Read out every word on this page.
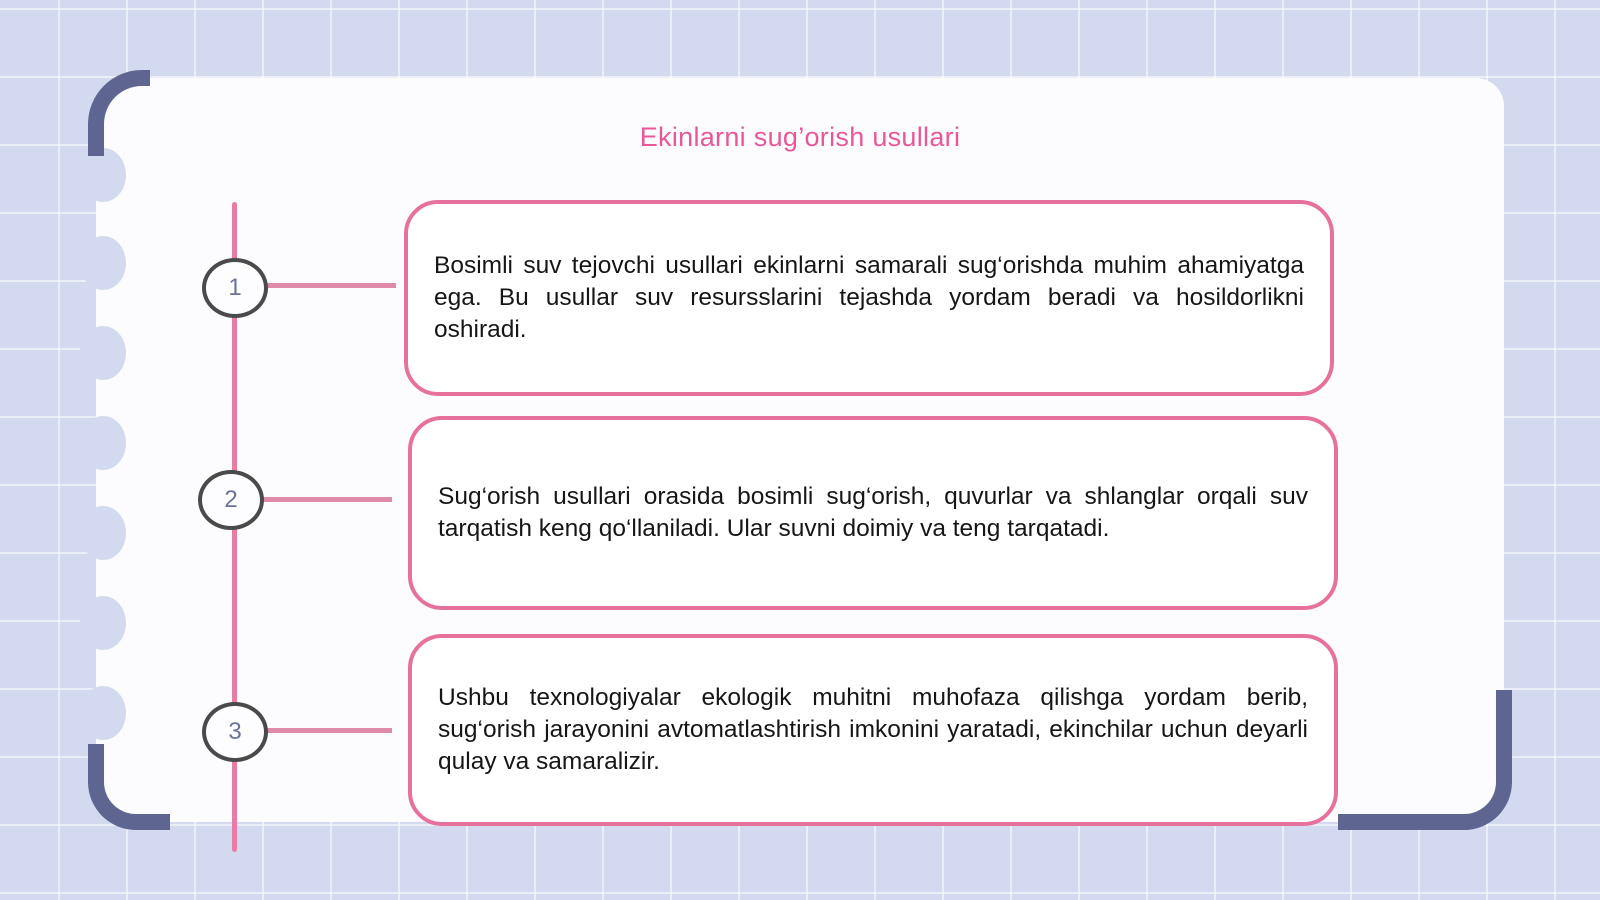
Ekinlarni sug’orish usullari
1
2
3

Bosimli suv tejovchi usullari ekinlarni samarali sug‘orishda muhim ahamiyatga ega. Bu usullar suv resursslarini tejashda yordam beradi va hosildorlikni oshiradi.

Sug‘orish usullari orasida bosimli sug‘orish, quvurlar va shlanglar orqali suv tarqatish keng qo‘llaniladi. Ular suvni doimiy va teng tarqatadi.

Ushbu texnologiyalar ekologik muhitni muhofaza qilishga yordam berib, sug‘orish jarayonini avtomatlashtirish imkonini yaratadi, ekinchilar uchun deyarli qulay va samaralizir.
